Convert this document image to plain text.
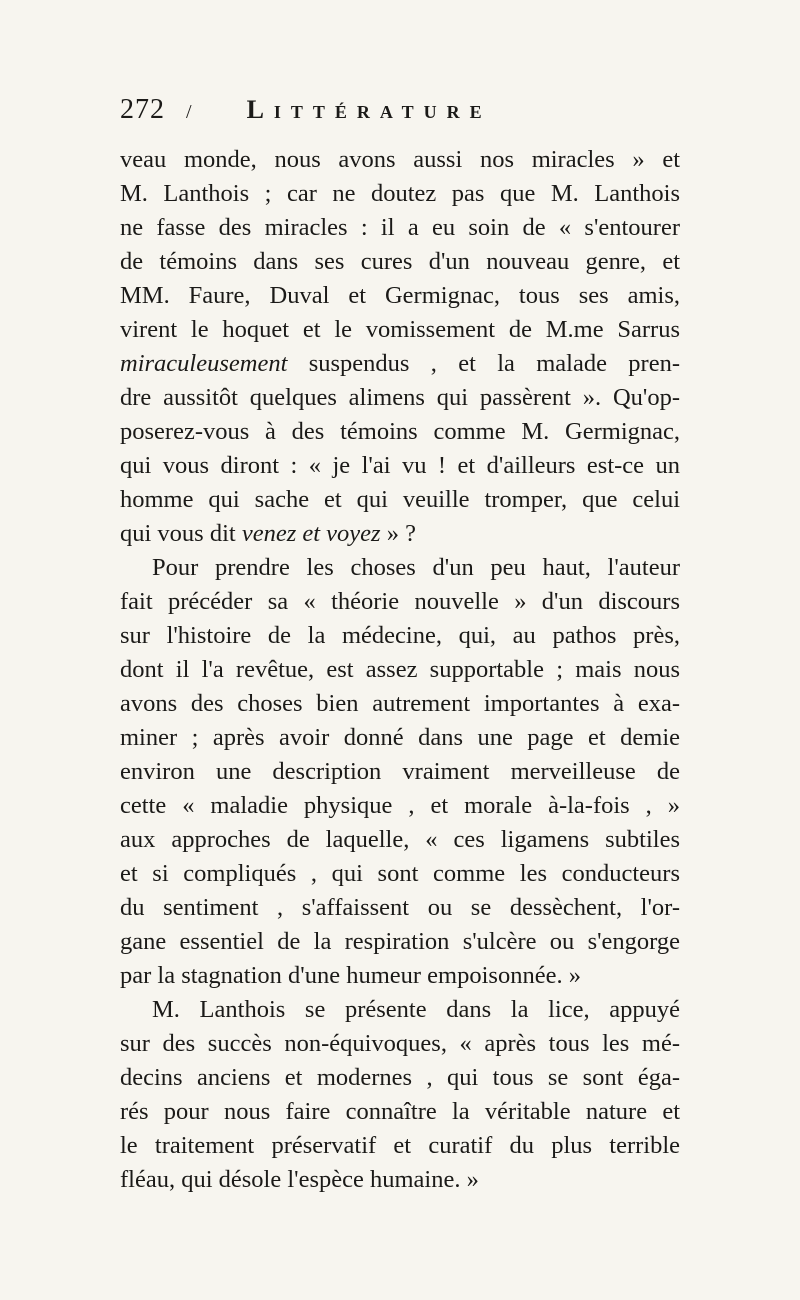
272 / LITTÉRATURE
veau monde, nous avons aussi nos miracles » et
M. Lanthois ; car ne doutez pas que M. Lanthois
ne fasse des miracles : il a eu soin de « s'entourer
de témoins dans ses cures d'un nouveau genre, et
MM. Faure, Duval et Germignac, tous ses amis,
virent le hoquet et le vomissement de M.me Sarrus
miraculeusement suspendus , et la malade pren-
dre aussitôt quelques alimens qui passèrent ». Qu'op-
poserez-vous à des témoins comme M. Germignac,
qui vous diront : « je l'ai vu ! et d'ailleurs est-ce un
homme qui sache et qui veuille tromper, que celui
qui vous dit venez et voyez » ?
Pour prendre les choses d'un peu haut, l'auteur
fait précéder sa « théorie nouvelle » d'un discours
sur l'histoire de la médecine, qui, au pathos près,
dont il l'a revêtue, est assez supportable ; mais nous
avons des choses bien autrement importantes à exa-
miner ; après avoir donné dans une page et demie
environ une description vraiment merveilleuse de
cette « maladie physique , et morale à-la-fois , »
aux approches de laquelle, « ces ligamens subtiles
et si compliqués , qui sont comme les conducteurs
du sentiment , s'affaissent ou se dessèchent, l'or-
gane essentiel de la respiration s'ulcère ou s'engorge
par la stagnation d'une humeur empoisonnée. »
M. Lanthois se présente dans la lice, appuyé
sur des succès non-équivoques, « après tous les mé-
decins anciens et modernes , qui tous se sont éga-
rés pour nous faire connaître la véritable nature et
le traitement préservatif et curatif du plus terrible
fléau, qui désole l'espèce humaine. »
